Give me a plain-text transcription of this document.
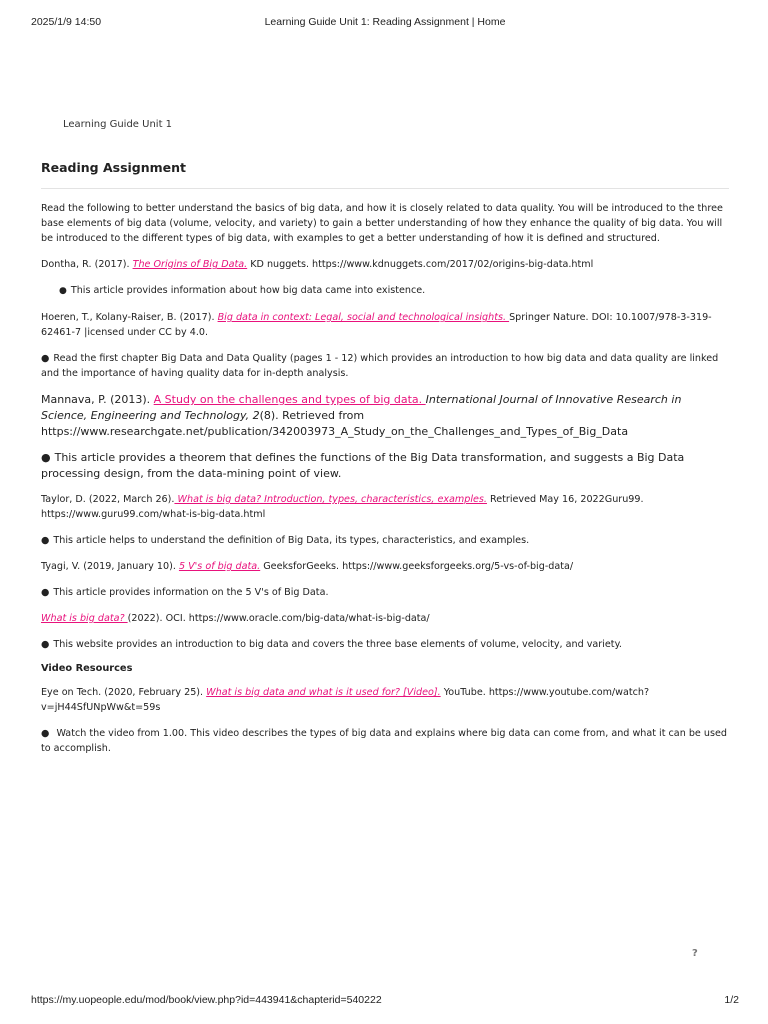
2025/1/9 14:50	Learning Guide Unit 1: Reading Assignment | Home
Learning Guide Unit 1
Reading Assignment

Read the following to better understand the basics of big data, and how it is closely related to data quality. You will be introduced to the three base elements of big data (volume, velocity, and variety) to gain a better understanding of how they enhance the quality of big data. You will be introduced to the different types of big data, with examples to get a better understanding of how it is defined and structured.

Dontha, R. (2017). The Origins of Big Data. KD nuggets. https://www.kdnuggets.com/2017/02/origins-big-data.html

● This article provides information about how big data came into existence.

Hoeren, T., Kolany-Raiser, B. (2017). Big data in context: Legal, social and technological insights. Springer Nature. DOI: 10.1007/978-3-319-62461-7 |icensed under CC by 4.0.

● Read the first chapter Big Data and Data Quality (pages 1 - 12) which provides an introduction to how big data and data quality are linked and the importance of having quality data for in-depth analysis.

Mannava, P. (2013). A Study on the challenges and types of big data. International Journal of Innovative Research in Science, Engineering and Technology, 2(8). Retrieved from https://www.researchgate.net/publication/342003973_A_Study_on_the_Challenges_and_Types_of_Big_Data

● This article provides a theorem that defines the functions of the Big Data transformation, and suggests a Big Data processing design, from the data-mining point of view.

Taylor, D. (2022, March 26). What is big data? Introduction, types, characteristics, examples. Retrieved May 16, 2022Guru99. https://www.guru99.com/what-is-big-data.html

● This article helps to understand the definition of Big Data, its types, characteristics, and examples.

Tyagi, V. (2019, January 10). 5 V's of big data. GeeksforGeeks. https://www.geeksforgeeks.org/5-vs-of-big-data/

● This article provides information on the 5 V's of Big Data.

What is big data? (2022). OCI. https://www.oracle.com/big-data/what-is-big-data/

● This website provides an introduction to big data and covers the three base elements of volume, velocity, and variety.

Video Resources

Eye on Tech. (2020, February 25). What is big data and what is it used for? [Video]. YouTube. https://www.youtube.com/watch?v=jH44SfUNpWw&t=59s

● Watch the video from 1.00. This video describes the types of big data and explains where big data can come from, and what it can be used to accomplish.

?
https://my.uopeople.edu/mod/book/view.php?id=443941&chapterid=540222	1/2
